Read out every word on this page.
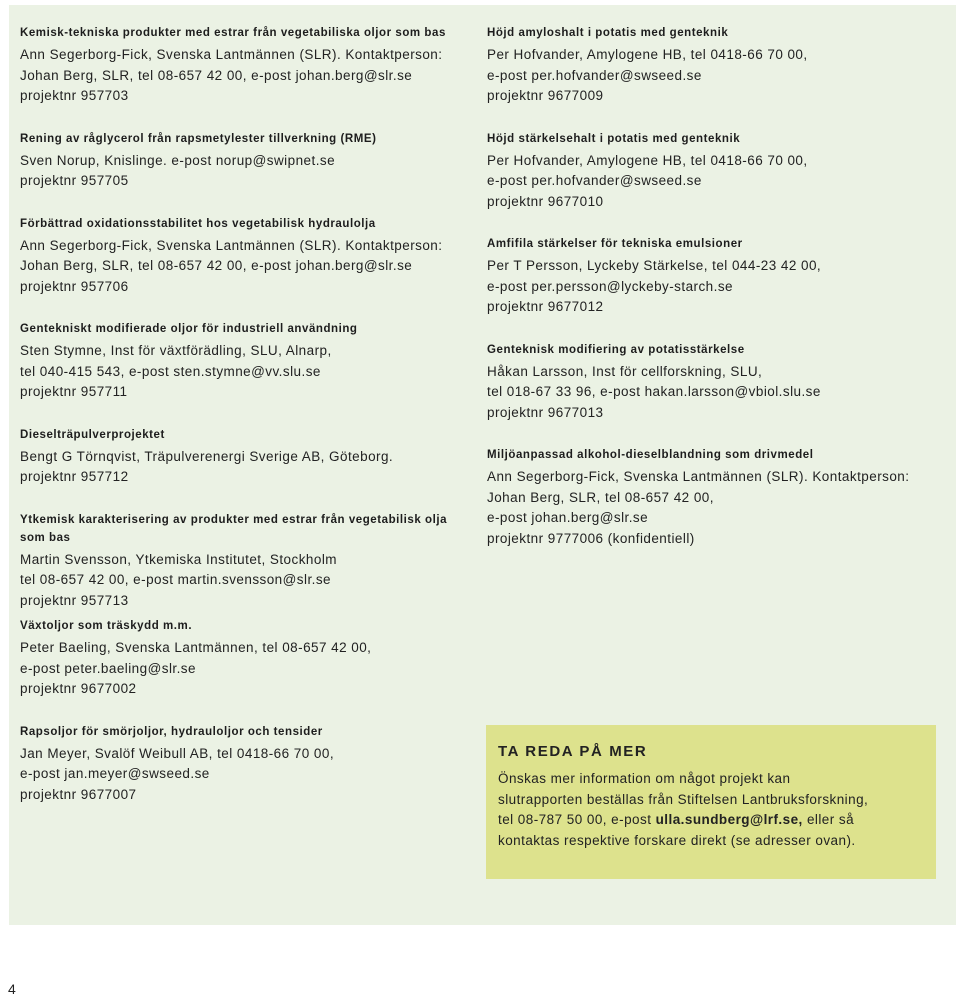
Kemisk-tekniska produkter med estrar från vegetabiliska oljor som bas
Ann Segerborg-Fick, Svenska Lantmännen (SLR). Kontaktperson:
Johan Berg, SLR, tel 08-657 42 00, e-post johan.berg@slr.se
projektnr 957703
Rening av råglycerol från rapsmetylester tillverkning (RME)
Sven Norup, Knislinge. e-post norup@swipnet.se
projektnr 957705
Förbättrad oxidationsstabilitet hos vegetabilisk hydraulolja
Ann Segerborg-Fick, Svenska Lantmännen (SLR). Kontaktperson:
Johan Berg, SLR, tel 08-657 42 00, e-post johan.berg@slr.se
projektnr 957706
Gentekniskt modifierade oljor för industriell användning
Sten Stymne, Inst för växtförädling, SLU, Alnarp,
tel 040-415 543, e-post sten.stymne@vv.slu.se
projektnr 957711
Dieselträpulverprojektet
Bengt G Törnqvist, Träpulverenergi Sverige AB, Göteborg.
projektnr 957712
Ytkemisk karakterisering av produkter med estrar från vegetabilisk olja som bas
Martin Svensson, Ytkemiska Institutet, Stockholm
tel 08-657 42 00, e-post martin.svensson@slr.se
projektnr 957713
Höjd amyloshalt i potatis med genteknik
Per Hofvander, Amylogene HB, tel 0418-66 70 00,
e-post per.hofvander@swseed.se
projektnr 9677009
Höjd stärkelsehalt i potatis med genteknik
Per Hofvander, Amylogene HB, tel 0418-66 70 00,
e-post per.hofvander@swseed.se
projektnr 9677010
Amfifila stärkelser för tekniska emulsioner
Per T Persson, Lyckeby Stärkelse, tel 044-23 42 00,
e-post per.persson@lyckeby-starch.se
projektnr 9677012
Genteknisk modifiering av potatisstärkelse
Håkan Larsson, Inst för cellforskning, SLU,
tel 018-67 33 96, e-post hakan.larsson@vbiol.slu.se
projektnr 9677013
Miljöanpassad alkohol-dieselblandning som drivmedel
Ann Segerborg-Fick, Svenska Lantmännen (SLR). Kontaktperson:
Johan Berg, SLR, tel 08-657 42 00,
e-post johan.berg@slr.se
projektnr 9777006 (konfidentiell)
Växtoljor som träskydd m.m.
Peter Baeling, Svenska Lantmännen, tel 08-657 42 00,
e-post peter.baeling@slr.se
projektnr 9677002
Rapsoljor för smörjoljor, hydrauloljor och tensider
Jan Meyer, Svalöf Weibull AB, tel 0418-66 70 00,
e-post jan.meyer@swseed.se
projektnr 9677007
TA REDA PÅ MER
Önskas mer information om något projekt kan
slutrapporten beställas från Stiftelsen Lantbruksforskning,
tel 08-787 50 00, e-post ulla.sundberg@lrf.se, eller så
kontaktas respektive forskare direkt (se adresser ovan).
4
